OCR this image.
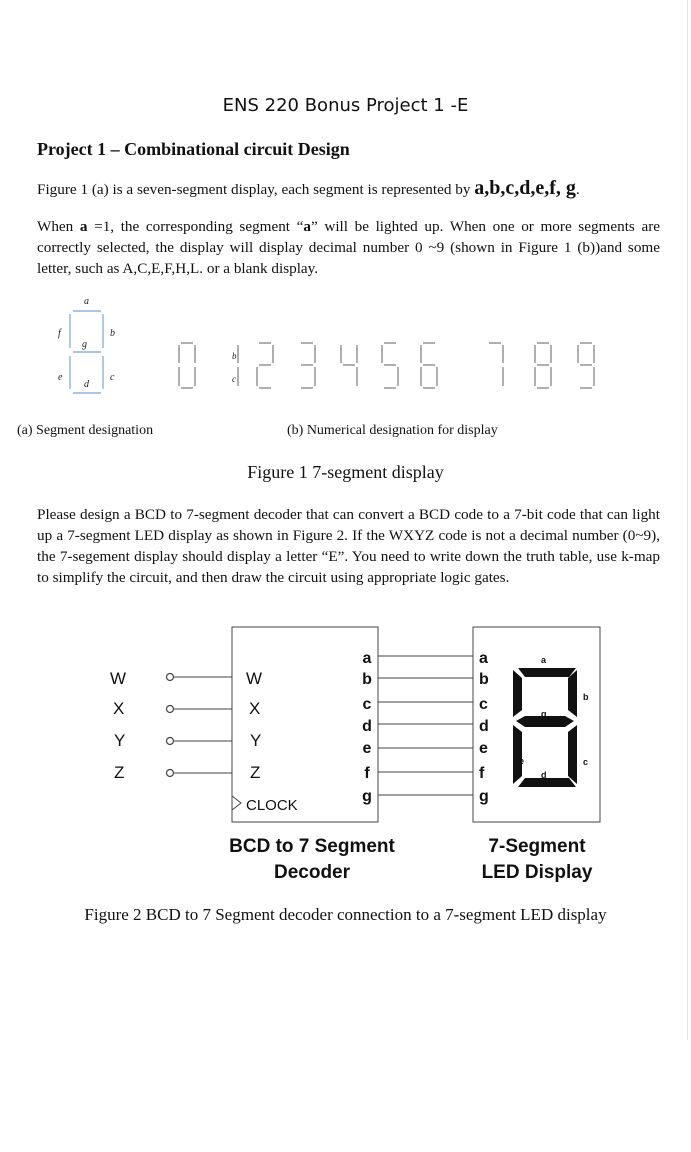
ENS 220 Bonus Project 1 -E
Project 1 – Combinational circuit Design
Figure 1 (a) is a seven-segment display, each segment is represented by a,b,c,d,e,f, g.
When a =1, the corresponding segment “a” will be lighted up. When one or more segments are correctly selected, the display will display decimal number 0 ~9 (shown in Figure 1 (b))and some letter, such as A,C,E,F,H,L. or a blank display.
a
b
c
d
e
f
g
b
c
W
X
Y
Z
W
X
Y
Z
a
b
c
d
e
f
g
CLOCK
a
b
c
d
e
f
g
a
b
c
d
e
f
g
BCD to 7 Segment
Decoder
7-Segment
LED Display
(a) Segment designation	(b) Numerical designation for display
Figure 1 7-segment display
Please design a BCD to 7-segment decoder that can convert a BCD code to a 7-bit code that can light up a 7-segment LED display as shown in Figure 2. If the WXYZ code is not a decimal number (0~9), the 7-segement display should display a letter “E”. You need to write down the truth table, use k-map to simplify the circuit, and then draw the circuit using appropriate logic gates.
Figure 2 BCD to 7 Segment decoder connection to a 7-segment LED display
